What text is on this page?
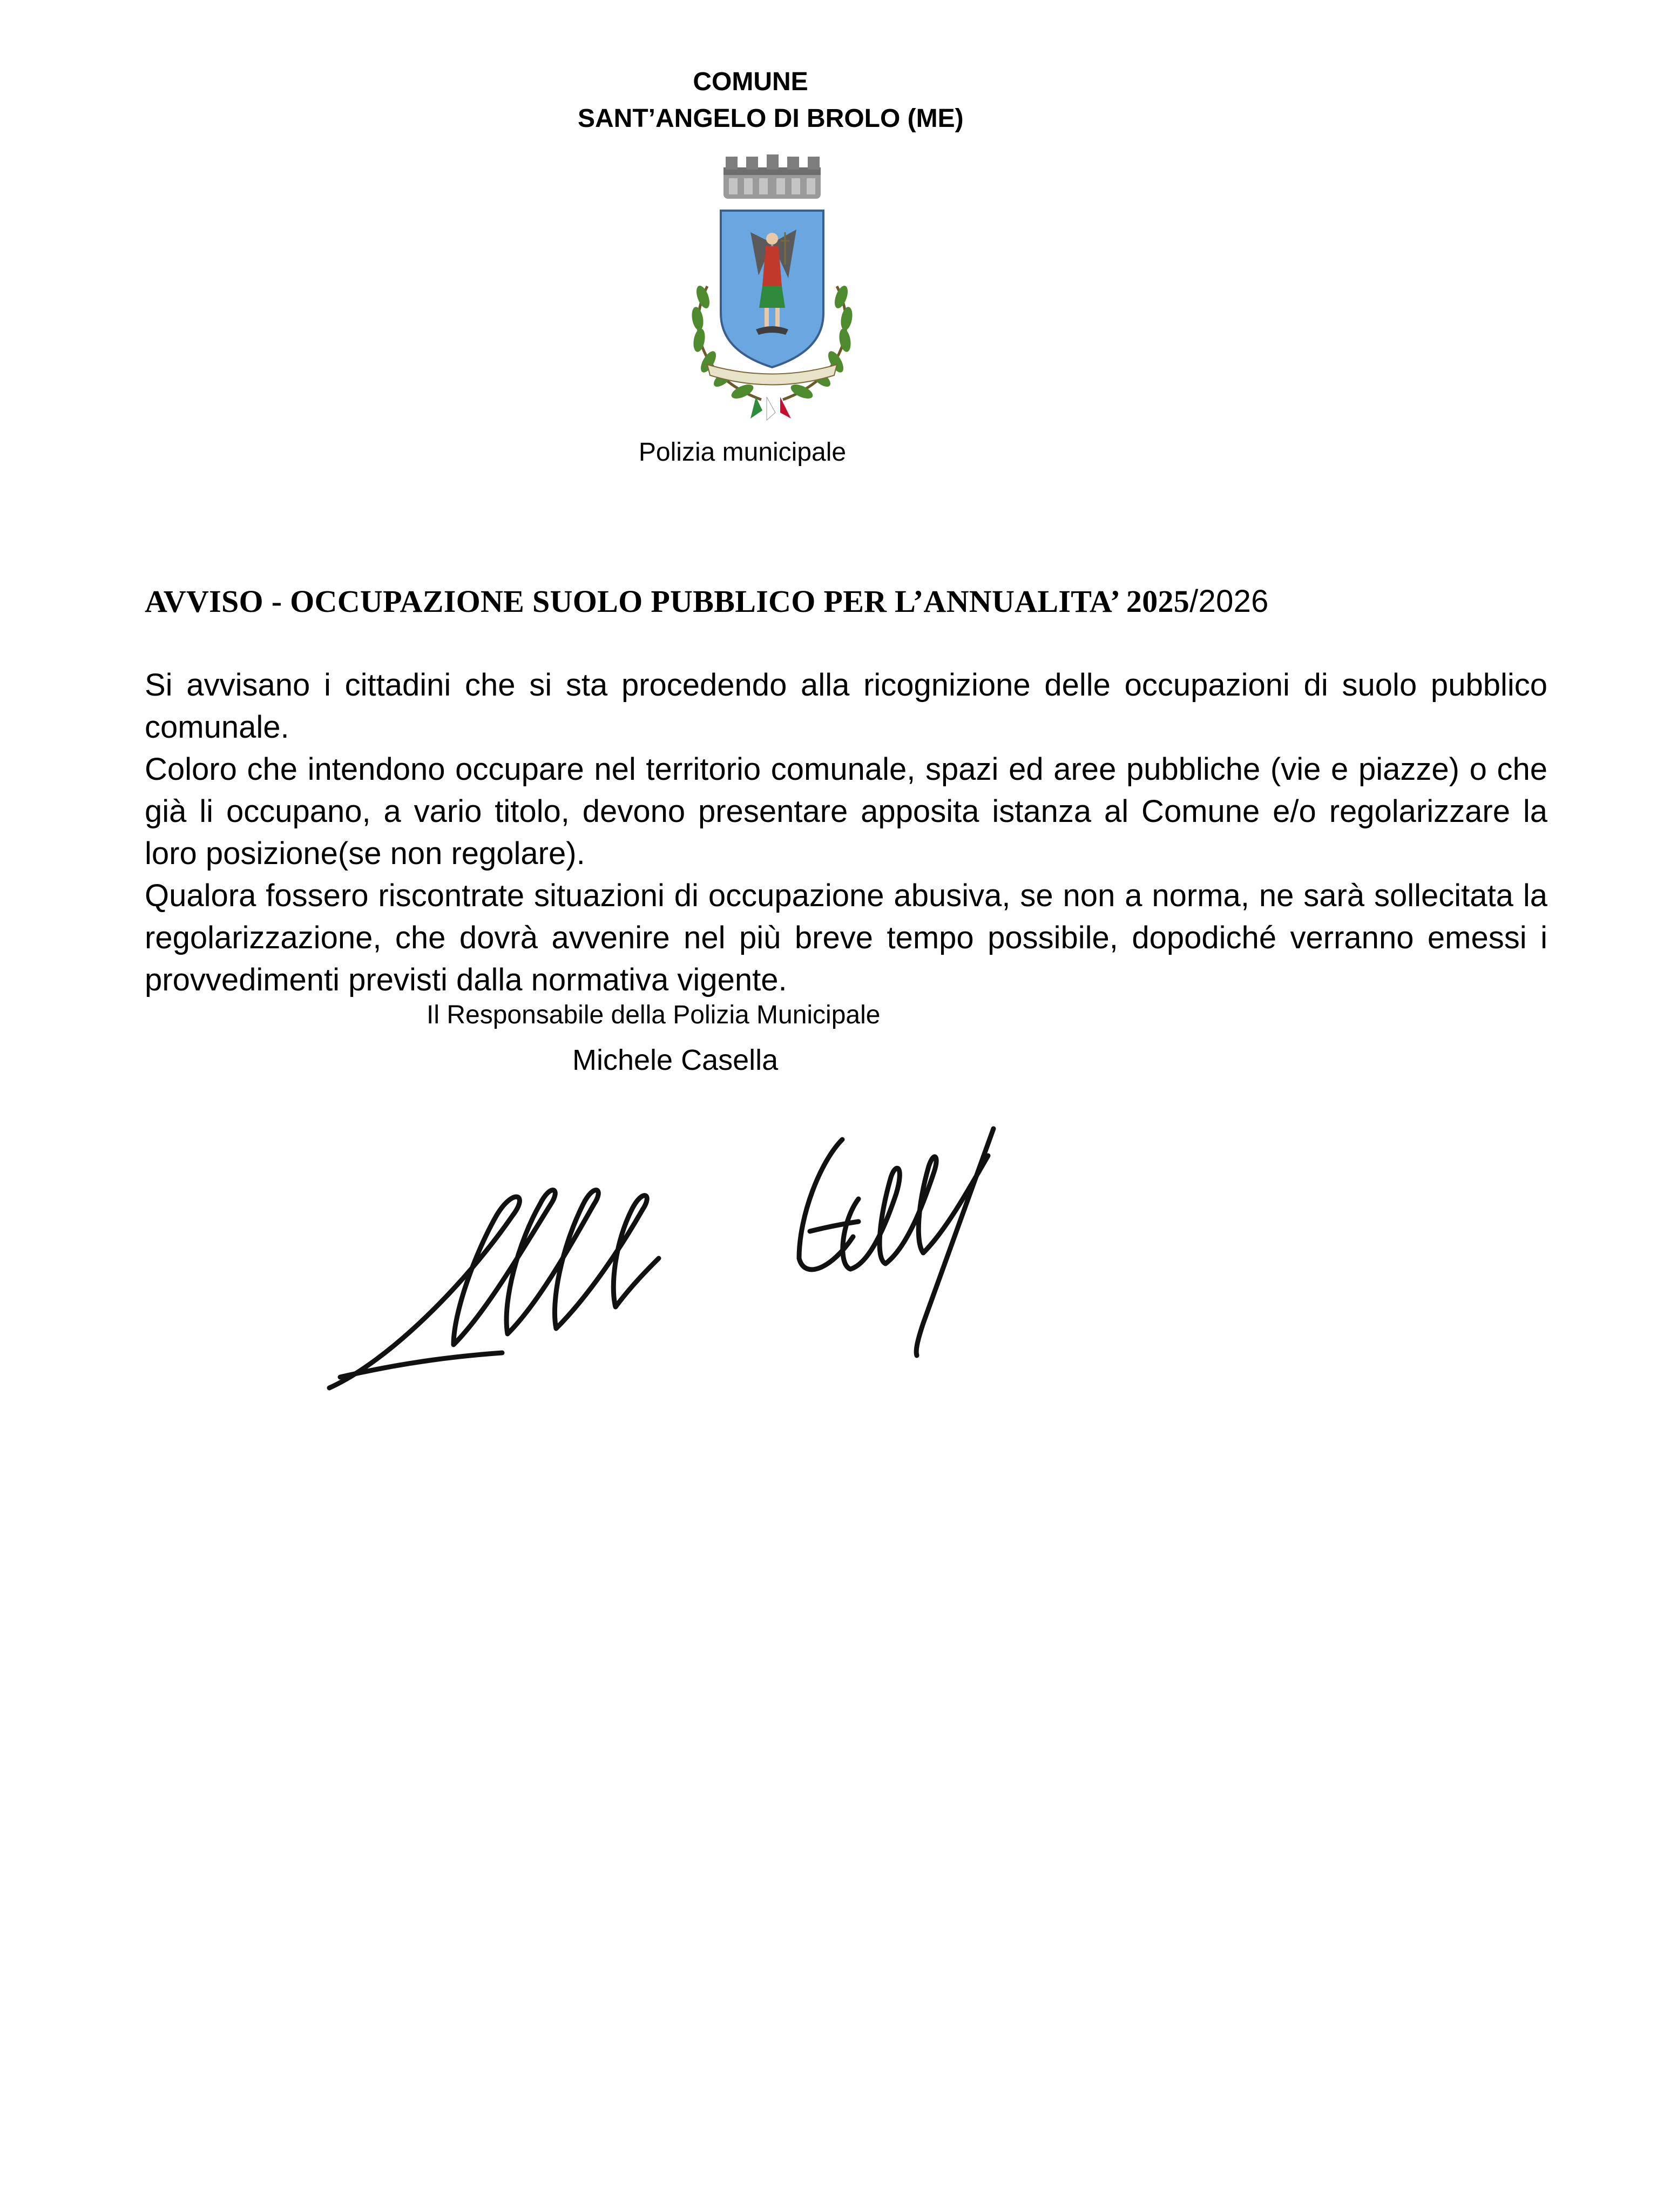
COMUNE
SANT’ANGELO DI BROLO (ME)
Polizia municipale
AVVISO - OCCUPAZIONE SUOLO PUBBLICO PER L’ANNUALITA’ 2025/2026

Si avvisano i cittadini che si sta procedendo alla ricognizione delle occupazioni di suolo pubblico comunale.

Coloro che intendono occupare nel territorio comunale, spazi ed aree pubbliche (vie e piazze) o che già li occupano, a vario titolo, devono presentare apposita istanza al Comune e/o regolarizzare la loro posizione(se non regolare).

Qualora fossero riscontrate situazioni di occupazione abusiva, se non a norma, ne sarà sollecitata la regolarizzazione, che dovrà avvenire nel più breve tempo possibile, dopodiché verranno emessi i provvedimenti previsti dalla normativa vigente.

Il Responsabile della Polizia Municipale
Michele Casella
